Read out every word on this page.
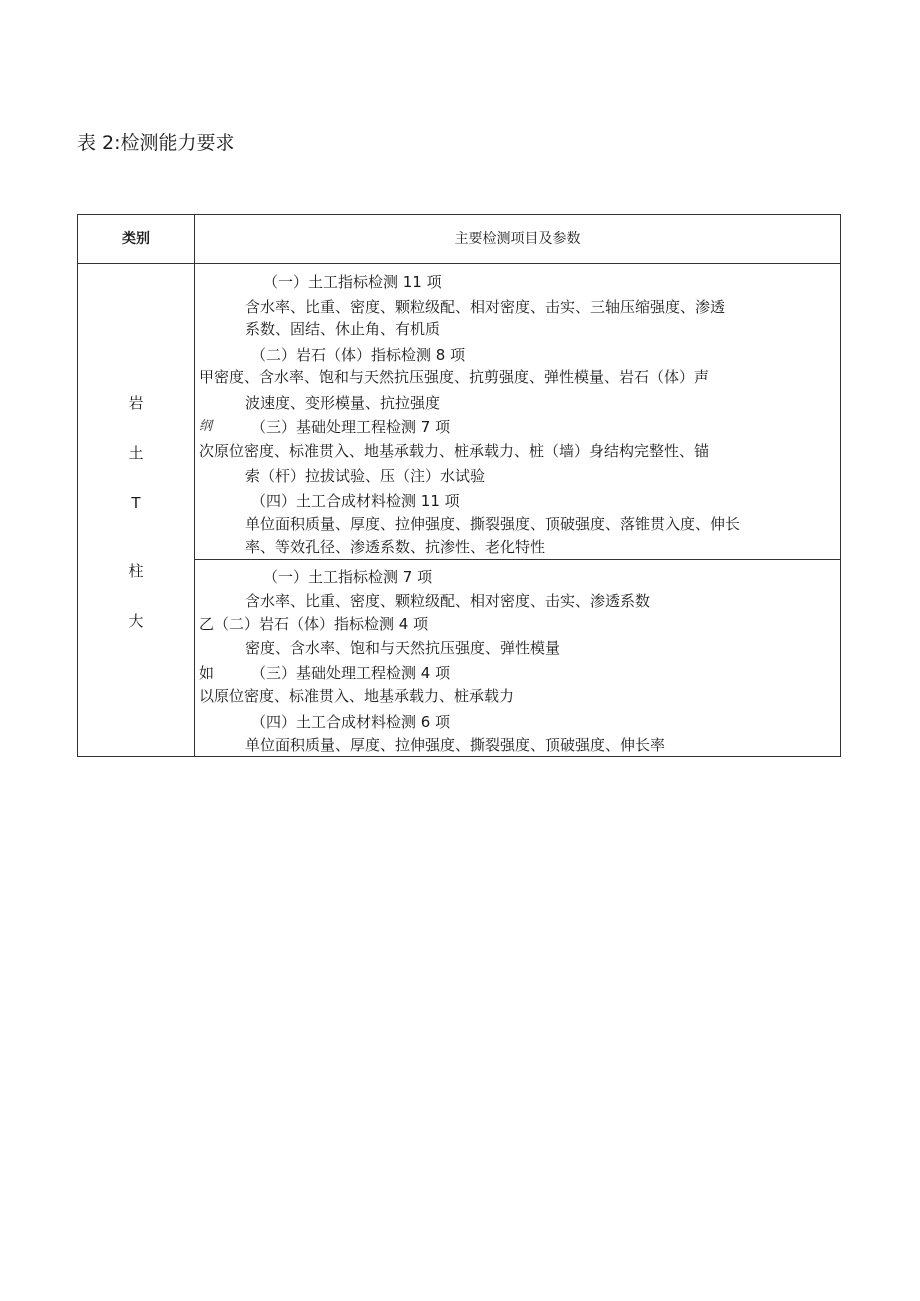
表 2:检测能力要求
类别	主要检测项目及参数
岩
土
T
柱
大
（一）土工指标检测 11 项
含水率、比重、密度、颗粒级配、相对密度、击实、三轴压缩强度、渗透
系数、固结、休止角、有机质
（二）岩石（体）指标检测 8 项
甲密度、含水率、饱和与天然抗压强度、抗剪强度、弹性模量、岩石（体）声
波速度、变形模量、抗拉强度
纲	（三）基础处理工程检测 7 项
次原位密度、标准贯入、地基承载力、桩承载力、桩（墙）身结构完整性、锚
索（杆）拉拔试验、压（注）水试验
（四）土工合成材料检测 11 项
单位面积质量、厚度、拉伸强度、撕裂强度、顶破强度、落锥贯入度、伸长
率、等效孔径、渗透系数、抗渗性、老化特性
（一）土工指标检测 7 项
含水率、比重、密度、颗粒级配、相对密度、击实、渗透系数
乙（二）岩石（体）指标检测 4 项
密度、含水率、饱和与天然抗压强度、弹性模量
如 （三）基础处理工程检测 4 项
以原位密度、标准贯入、地基承载力、桩承载力
（四）土工合成材料检测 6 项
单位面积质量、厚度、拉伸强度、撕裂强度、顶破强度、伸长率
